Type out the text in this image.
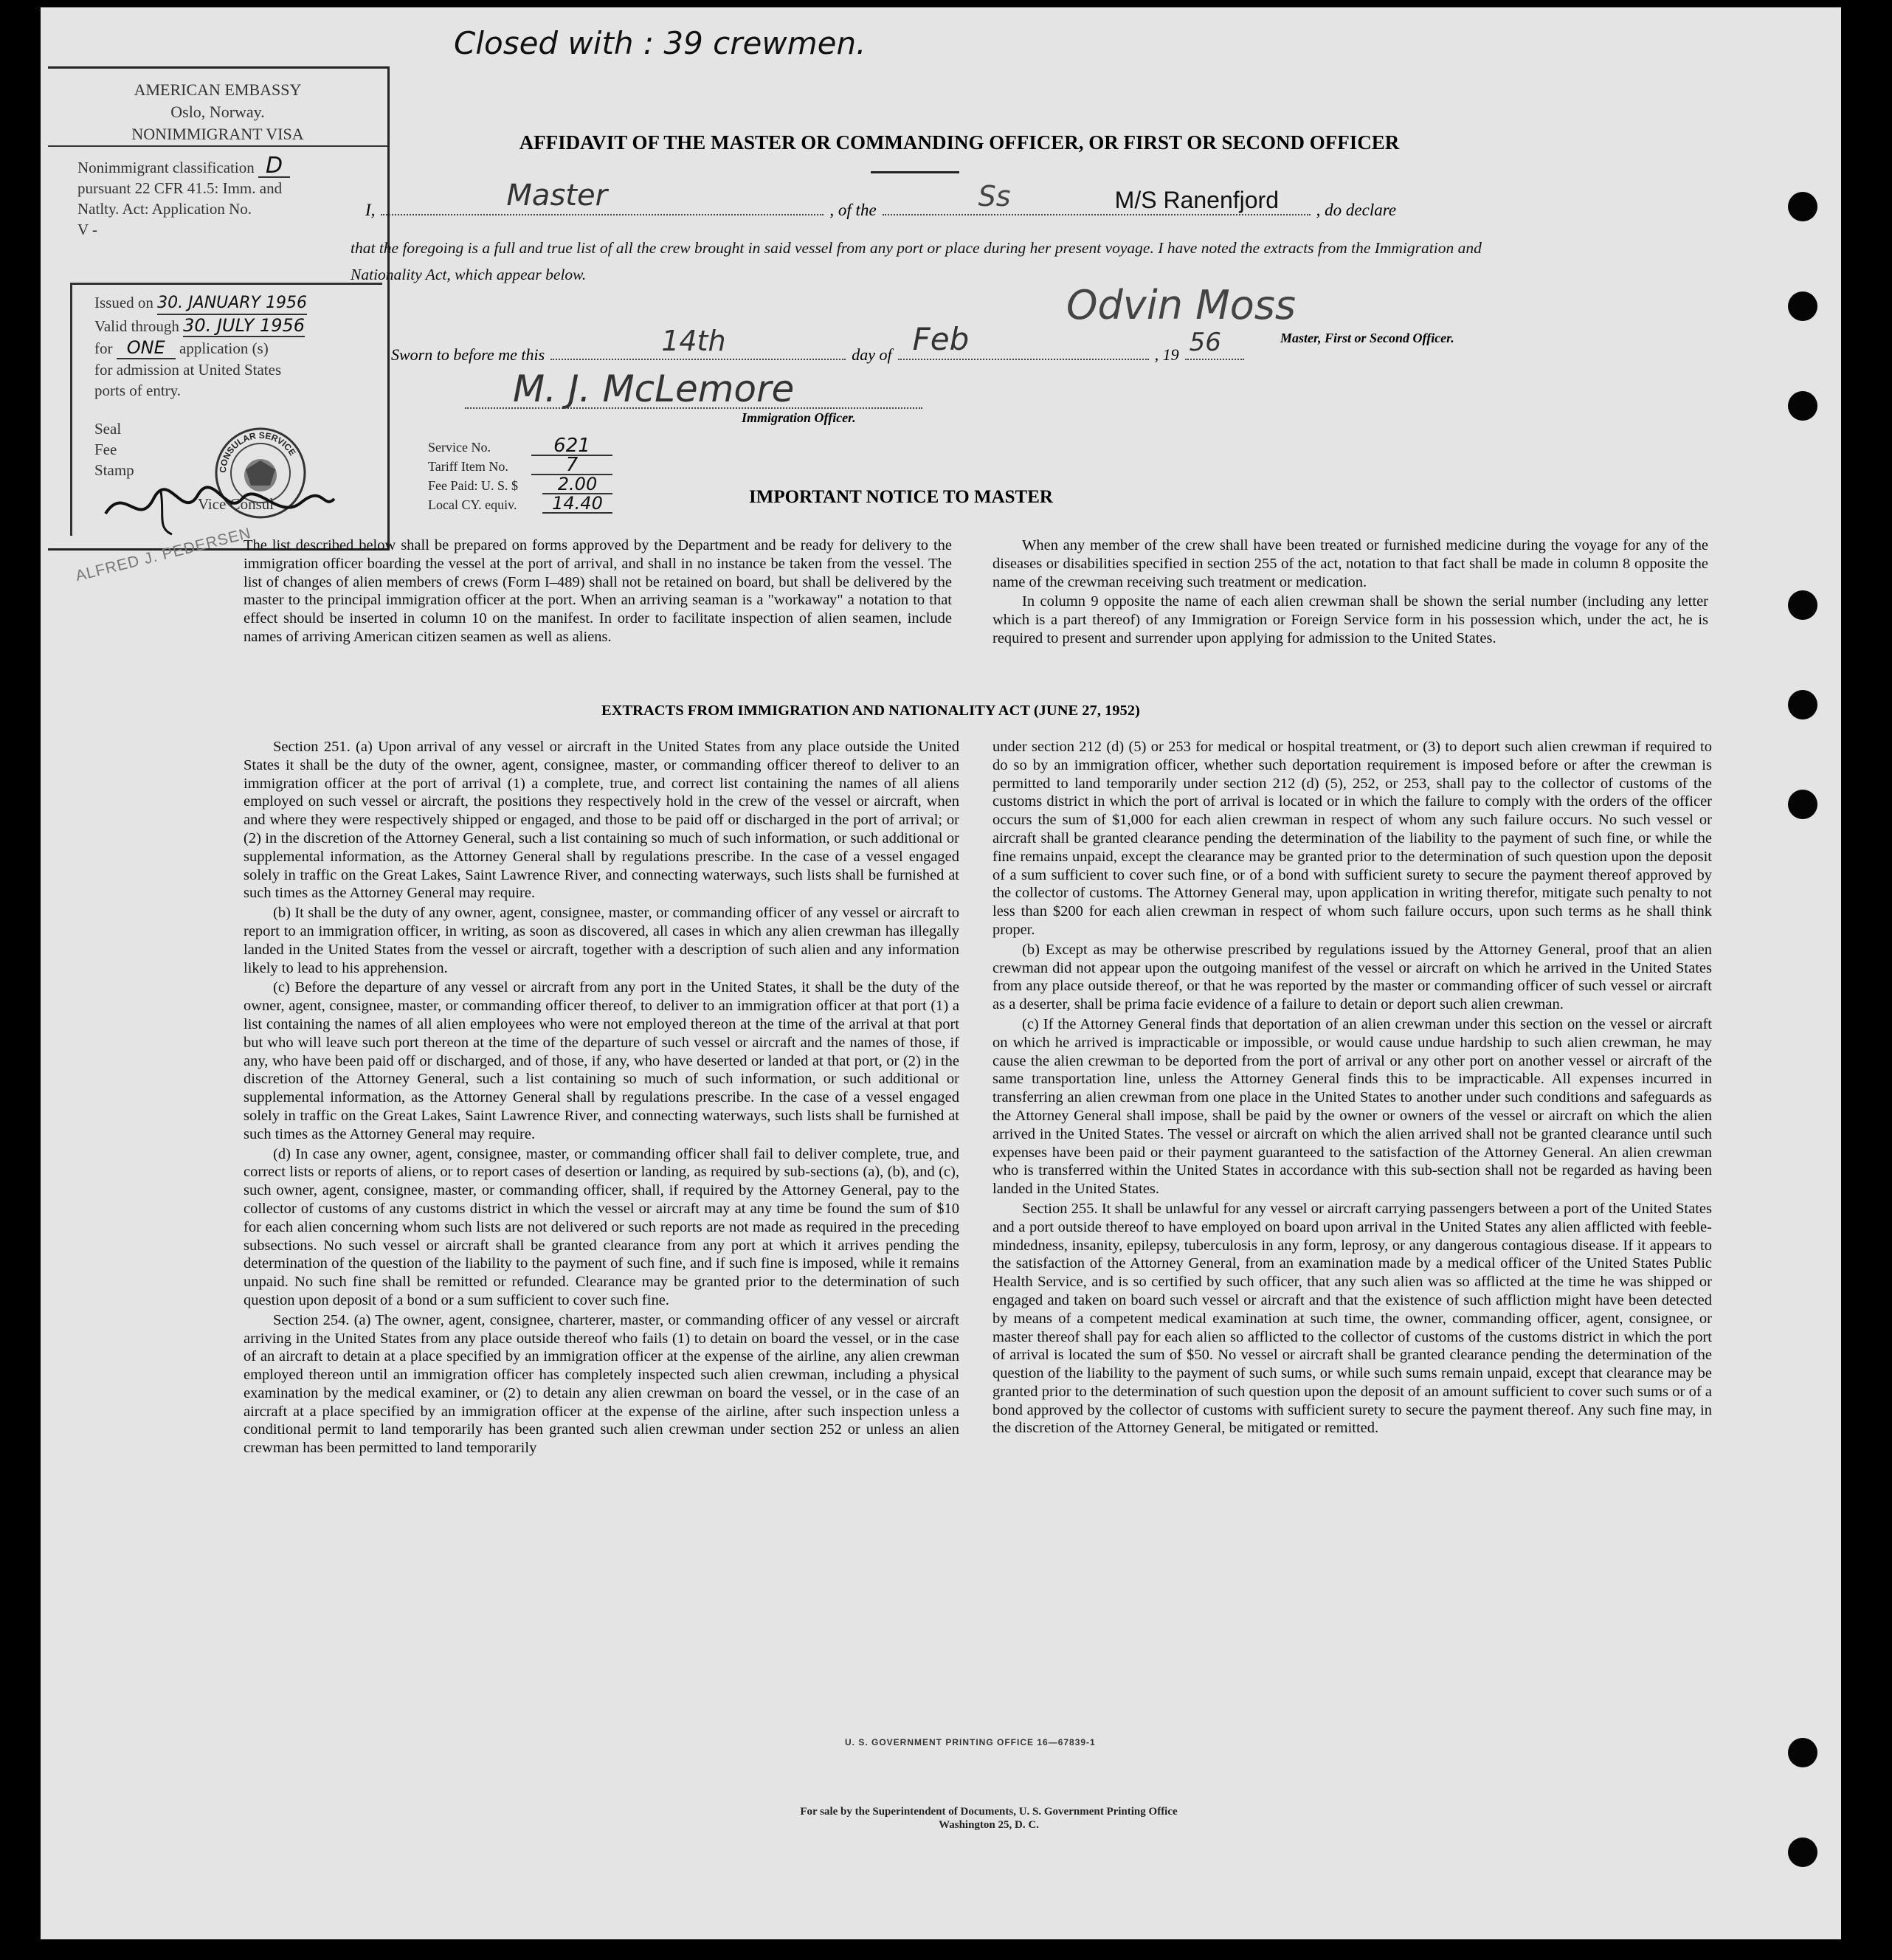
Closed with : 39 crewmen.
AMERICAN EMBASSY
Oslo, Norway.
NONIMMIGRANT VISA
Nonimmigrant classification D
pursuant 22 CFR 41.5: Imm. and
Natlty. Act: Application No.
V -
Issued on 30. JANUARY 1956
Valid through 30. JULY 1956
for ONE application (s)
for admission at United States
ports of entry.
Seal
Fee
Stamp
Vice Consul
CONSULAR SERVICE
ALFRED J. PEDERSEN
AFFIDAVIT OF THE MASTER OR COMMANDING OFFICER, OR FIRST OR SECOND OFFICER
I,	Master	, of the	Ss	M/S Ranenfjord , do declare
that the foregoing is a full and true list of all the crew brought in said vessel from any port or place during her present voyage. I have noted the extracts from the Immigration and Nationality Act, which appear below.
Odvin Moss
Master, First or Second Officer.
Sworn to before me this	14th	day of Feb	, 19 56
M. J. McLemore
Immigration Officer.
Service No.	621
Tariff Item No.	7
Fee Paid: U. S. $	2.00
Local CY. equiv.	14.40	IMPORTANT NOTICE TO MASTER

The list described below shall be prepared on forms approved by the Department and be ready for delivery to the immigration officer boarding the vessel at the port of arrival, and shall in no instance be taken from the vessel. The list of changes of alien members of crews (Form I–489) shall not be retained on board, but shall be delivered by the master to the principal immigration officer at the port. When an arriving seaman is a "workaway" a notation to that effect should be inserted in column 10 on the manifest. In order to facilitate inspection of alien seamen, include names of arriving American citizen seamen as well as aliens.

When any member of the crew shall have been treated or furnished medicine during the voyage for any of the diseases or disabilities specified in section 255 of the act, notation to that fact shall be made in column 8 opposite the name of the crewman receiving such treatment or medication.

In column 9 opposite the name of each alien crewman shall be shown the serial number (including any letter which is a part thereof) of any Immigration or Foreign Service form in his possession which, under the act, he is required to present and surrender upon applying for admission to the United States.

EXTRACTS FROM IMMIGRATION AND NATIONALITY ACT (JUNE 27, 1952)

Section 251. (a) Upon arrival of any vessel or aircraft in the United States from any place outside the United States it shall be the duty of the owner, agent, consignee, master, or commanding officer thereof to deliver to an immigration officer at the port of arrival (1) a complete, true, and correct list containing the names of all aliens employed on such vessel or aircraft, the positions they respectively hold in the crew of the vessel or aircraft, when and where they were respectively shipped or engaged, and those to be paid off or discharged in the port of arrival; or (2) in the discretion of the Attorney General, such a list containing so much of such information, or such additional or supplemental information, as the Attorney General shall by regulations prescribe. In the case of a vessel engaged solely in traffic on the Great Lakes, Saint Lawrence River, and connecting waterways, such lists shall be furnished at such times as the Attorney General may require.

(b) It shall be the duty of any owner, agent, consignee, master, or commanding officer of any vessel or aircraft to report to an immigration officer, in writing, as soon as discovered, all cases in which any alien crewman has illegally landed in the United States from the vessel or aircraft, together with a description of such alien and any information likely to lead to his apprehension.

(c) Before the departure of any vessel or aircraft from any port in the United States, it shall be the duty of the owner, agent, consignee, master, or commanding officer thereof, to deliver to an immigration officer at that port (1) a list containing the names of all alien employees who were not employed thereon at the time of the arrival at that port but who will leave such port thereon at the time of the departure of such vessel or aircraft and the names of those, if any, who have been paid off or discharged, and of those, if any, who have deserted or landed at that port, or (2) in the discretion of the Attorney General, such a list containing so much of such information, or such additional or supplemental information, as the Attorney General shall by regulations prescribe. In the case of a vessel engaged solely in traffic on the Great Lakes, Saint Lawrence River, and connecting waterways, such lists shall be furnished at such times as the Attorney General may require.

(d) In case any owner, agent, consignee, master, or commanding officer shall fail to deliver complete, true, and correct lists or reports of aliens, or to report cases of desertion or landing, as required by sub-sections (a), (b), and (c), such owner, agent, consignee, master, or commanding officer, shall, if required by the Attorney General, pay to the collector of customs of any customs district in which the vessel or aircraft may at any time be found the sum of $10 for each alien concerning whom such lists are not delivered or such reports are not made as required in the preceding subsections. No such vessel or aircraft shall be granted clearance from any port at which it arrives pending the determination of the question of the liability to the payment of such fine, and if such fine is imposed, while it remains unpaid. No such fine shall be remitted or refunded. Clearance may be granted prior to the determination of such question upon deposit of a bond or a sum sufficient to cover such fine.

Section 254. (a) The owner, agent, consignee, charterer, master, or commanding officer of any vessel or aircraft arriving in the United States from any place outside thereof who fails (1) to detain on board the vessel, or in the case of an aircraft to detain at a place specified by an immigration officer at the expense of the airline, any alien crewman employed thereon until an immigration officer has completely inspected such alien crewman, including a physical examination by the medical examiner, or (2) to detain any alien crewman on board the vessel, or in the case of an aircraft at a place specified by an immigration officer at the expense of the airline, after such inspection unless a conditional permit to land temporarily has been granted such alien crewman under section 252 or unless an alien crewman has been permitted to land temporarily

under section 212 (d) (5) or 253 for medical or hospital treatment, or (3) to deport such alien crewman if required to do so by an immigration officer, whether such deportation requirement is imposed before or after the crewman is permitted to land temporarily under section 212 (d) (5), 252, or 253, shall pay to the collector of customs of the customs district in which the port of arrival is located or in which the failure to comply with the orders of the officer occurs the sum of $1,000 for each alien crewman in respect of whom any such failure occurs. No such vessel or aircraft shall be granted clearance pending the determination of the liability to the payment of such fine, or while the fine remains unpaid, except the clearance may be granted prior to the determination of such question upon the deposit of a sum sufficient to cover such fine, or of a bond with sufficient surety to secure the payment thereof approved by the collector of customs. The Attorney General may, upon application in writing therefor, mitigate such penalty to not less than $200 for each alien crewman in respect of whom such failure occurs, upon such terms as he shall think proper.

(b) Except as may be otherwise prescribed by regulations issued by the Attorney General, proof that an alien crewman did not appear upon the outgoing manifest of the vessel or aircraft on which he arrived in the United States from any place outside thereof, or that he was reported by the master or commanding officer of such vessel or aircraft as a deserter, shall be prima facie evidence of a failure to detain or deport such alien crewman.

(c) If the Attorney General finds that deportation of an alien crewman under this section on the vessel or aircraft on which he arrived is impracticable or impossible, or would cause undue hardship to such alien crewman, he may cause the alien crewman to be deported from the port of arrival or any other port on another vessel or aircraft of the same transportation line, unless the Attorney General finds this to be impracticable. All expenses incurred in transferring an alien crewman from one place in the United States to another under such conditions and safeguards as the Attorney General shall impose, shall be paid by the owner or owners of the vessel or aircraft on which the alien arrived in the United States. The vessel or aircraft on which the alien arrived shall not be granted clearance until such expenses have been paid or their payment guaranteed to the satisfaction of the Attorney General. An alien crewman who is transferred within the United States in accordance with this sub-section shall not be regarded as having been landed in the United States.

Section 255. It shall be unlawful for any vessel or aircraft carrying passengers between a port of the United States and a port outside thereof to have employed on board upon arrival in the United States any alien afflicted with feeble-mindedness, insanity, epilepsy, tuberculosis in any form, leprosy, or any dangerous contagious disease. If it appears to the satisfaction of the Attorney General, from an examination made by a medical officer of the United States Public Health Service, and is so certified by such officer, that any such alien was so afflicted at the time he was shipped or engaged and taken on board such vessel or aircraft and that the existence of such affliction might have been detected by means of a competent medical examination at such time, the owner, commanding officer, agent, consignee, or master thereof shall pay for each alien so afflicted to the collector of customs of the customs district in which the port of arrival is located the sum of $50. No vessel or aircraft shall be granted clearance pending the determination of the question of the liability to the payment of such sums, or while such sums remain unpaid, except that clearance may be granted prior to the determination of such question upon the deposit of an amount sufficient to cover such sums or of a bond approved by the collector of customs with sufficient surety to secure the payment thereof. Any such fine may, in the discretion of the Attorney General, be mitigated or remitted.

U. S. GOVERNMENT PRINTING OFFICE 16—67839-1
For sale by the Superintendent of Documents, U. S. Government Printing Office
Washington 25, D. C.
